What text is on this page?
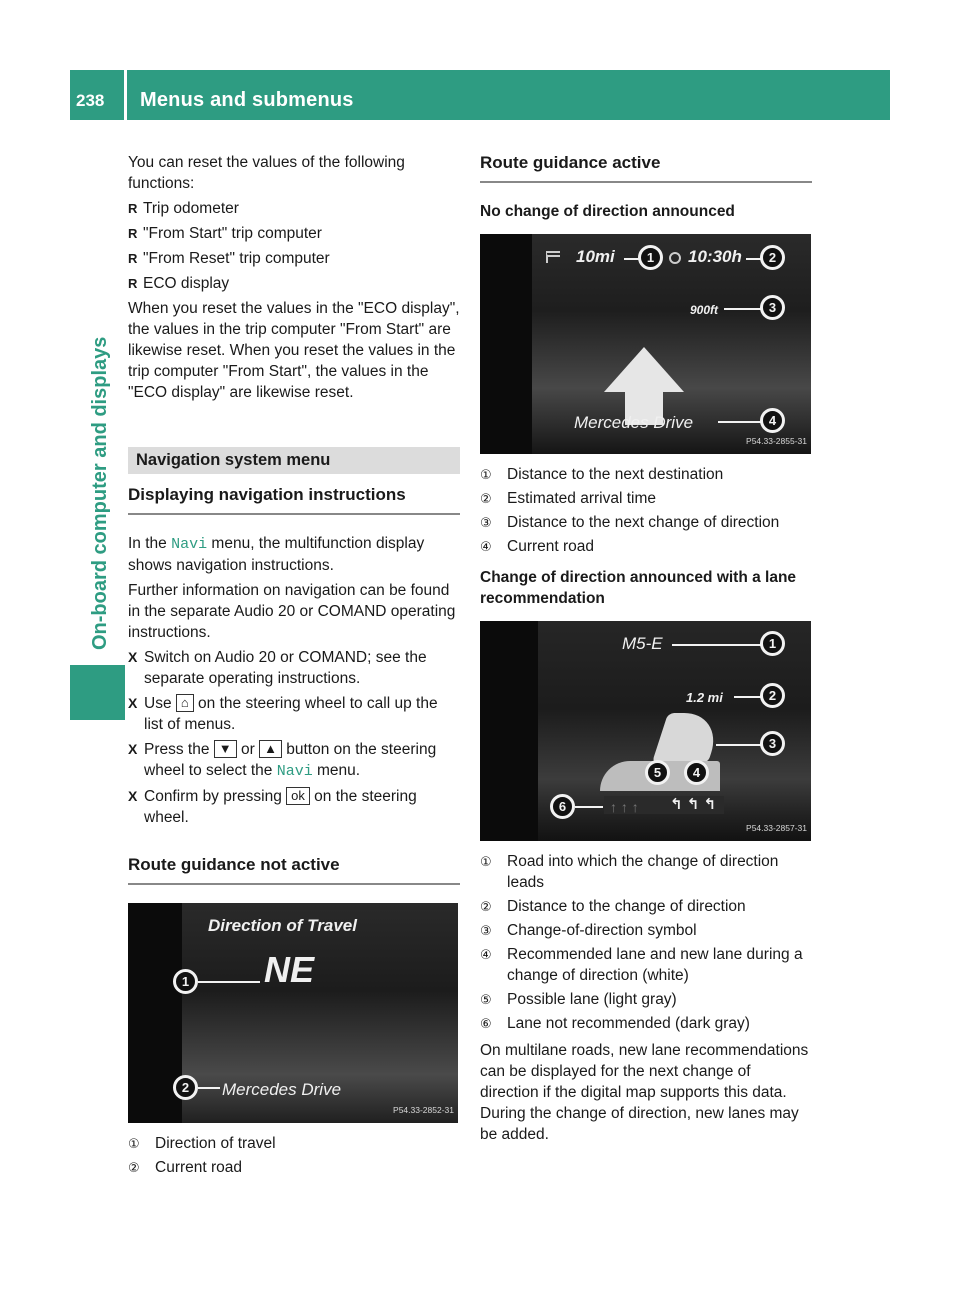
238 Menus and submenus
On-board computer and displays

You can reset the values of the following functions:

R Trip odometer
R "From Start" trip computer
R "From Reset" trip computer
R ECO display

When you reset the values in the "ECO display", the values in the trip computer "From Start" are likewise reset. When you reset the values in the trip computer "From Start", the values in the "ECO display" are likewise reset.

Navigation system menu
Displaying navigation instructions

In the Navi menu, the multifunction display shows navigation instructions.

Further information on navigation can be found in the separate Audio 20 or COMAND operating instructions.

X Switch on Audio 20 or COMAND; see the separate operating instructions.
X Use ⌂ on the steering wheel to call up the list of menus.
X Press the ▼ or ▲ button on the steering wheel to select the Navi menu.
X Confirm by pressing ok on the steering wheel.
Route guidance not active
Direction of Travel
1 NE
2	Mercedes Drive
P54.33-2852-31
① Direction of travel
② Current road
Route guidance active
No change of direction announced
10mi	1	10:30h	2
900ft	3
Mercedes Drive	4
P54.33-2855-31
① Distance to the next destination
② Estimated arrival time
③ Distance to the next change of direction
④ Current road
Change of direction announced with a lane recommendation
M5-E	1
1.2 mi	2
3
5	4
↑ ↑ ↑ ↰ ↰ ↰
6
P54.33-2857-31
① Road into which the change of direction leads
② Distance to the change of direction
③ Change-of-direction symbol
④ Recommended lane and new lane during a change of direction (white)
⑤ Possible lane (light gray)
⑥ Lane not recommended (dark gray)

On multilane roads, new lane recommendations can be displayed for the next change of direction if the digital map supports this data. During the change of direction, new lanes may be added.
